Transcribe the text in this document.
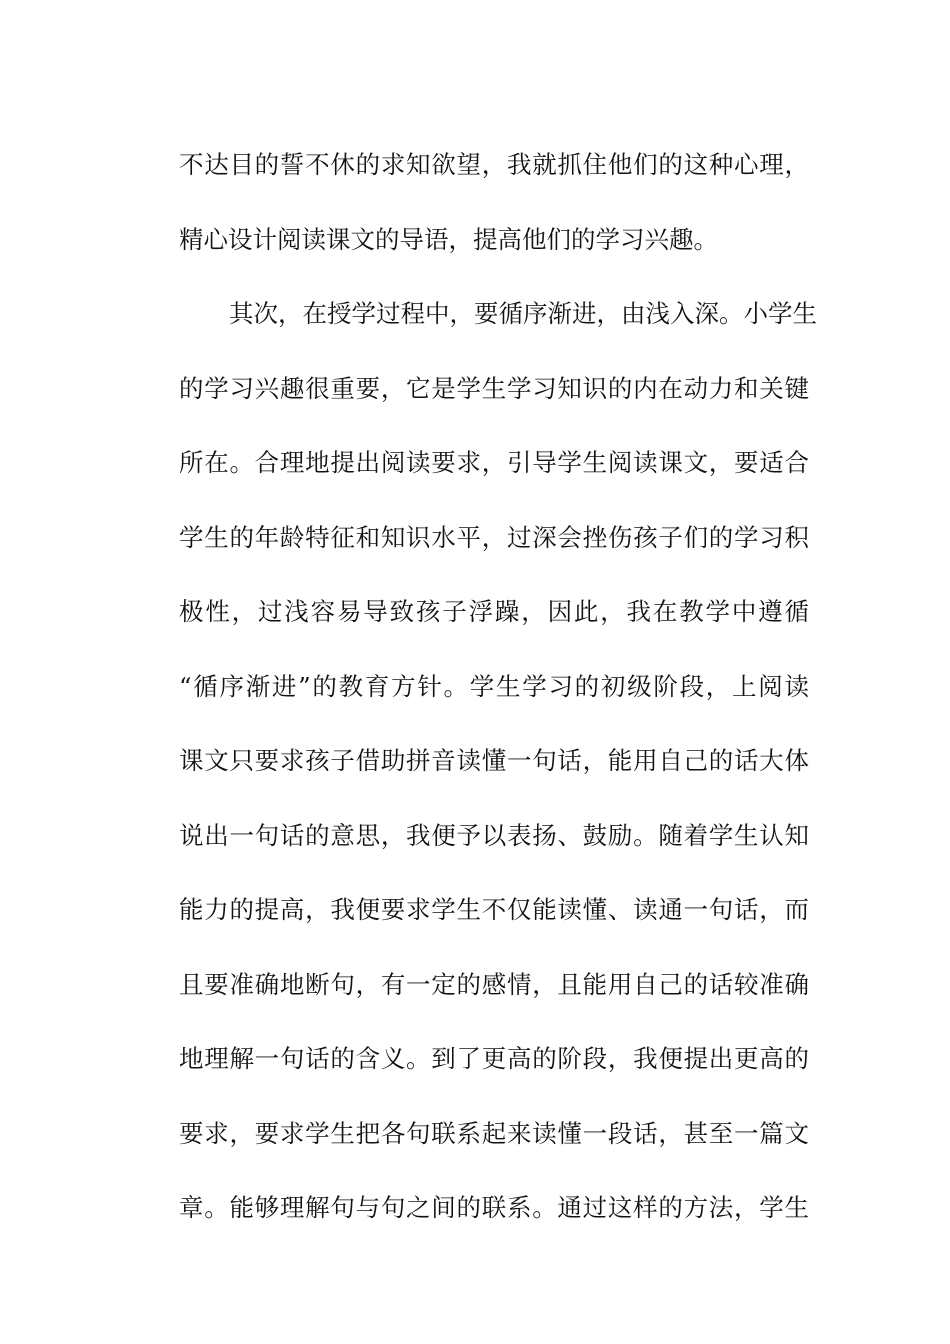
不达目的誓不休的求知欲望，我就抓住他们的这种心理，
精心设计阅读课文的导语，提高他们的学习兴趣。
其次，在授学过程中，要循序渐进，由浅入深。小学生
的学习兴趣很重要，它是学生学习知识的内在动力和关键
所在。合理地提出阅读要求，引导学生阅读课文，要适合
学生的年龄特征和知识水平，过深会挫伤孩子们的学习积
极性，过浅容易导致孩子浮躁，因此，我在教学中遵循
“循序渐进”的教育方针。学生学习的初级阶段，上阅读
课文只要求孩子借助拼音读懂一句话，能用自己的话大体
说出一句话的意思，我便予以表扬、鼓励。随着学生认知
能力的提高，我便要求学生不仅能读懂、读通一句话，而
且要准确地断句，有一定的感情，且能用自己的话较准确
地理解一句话的含义。到了更高的阶段，我便提出更高的
要求，要求学生把各句联系起来读懂一段话，甚至一篇文
章。能够理解句与句之间的联系。通过这样的方法，学生
